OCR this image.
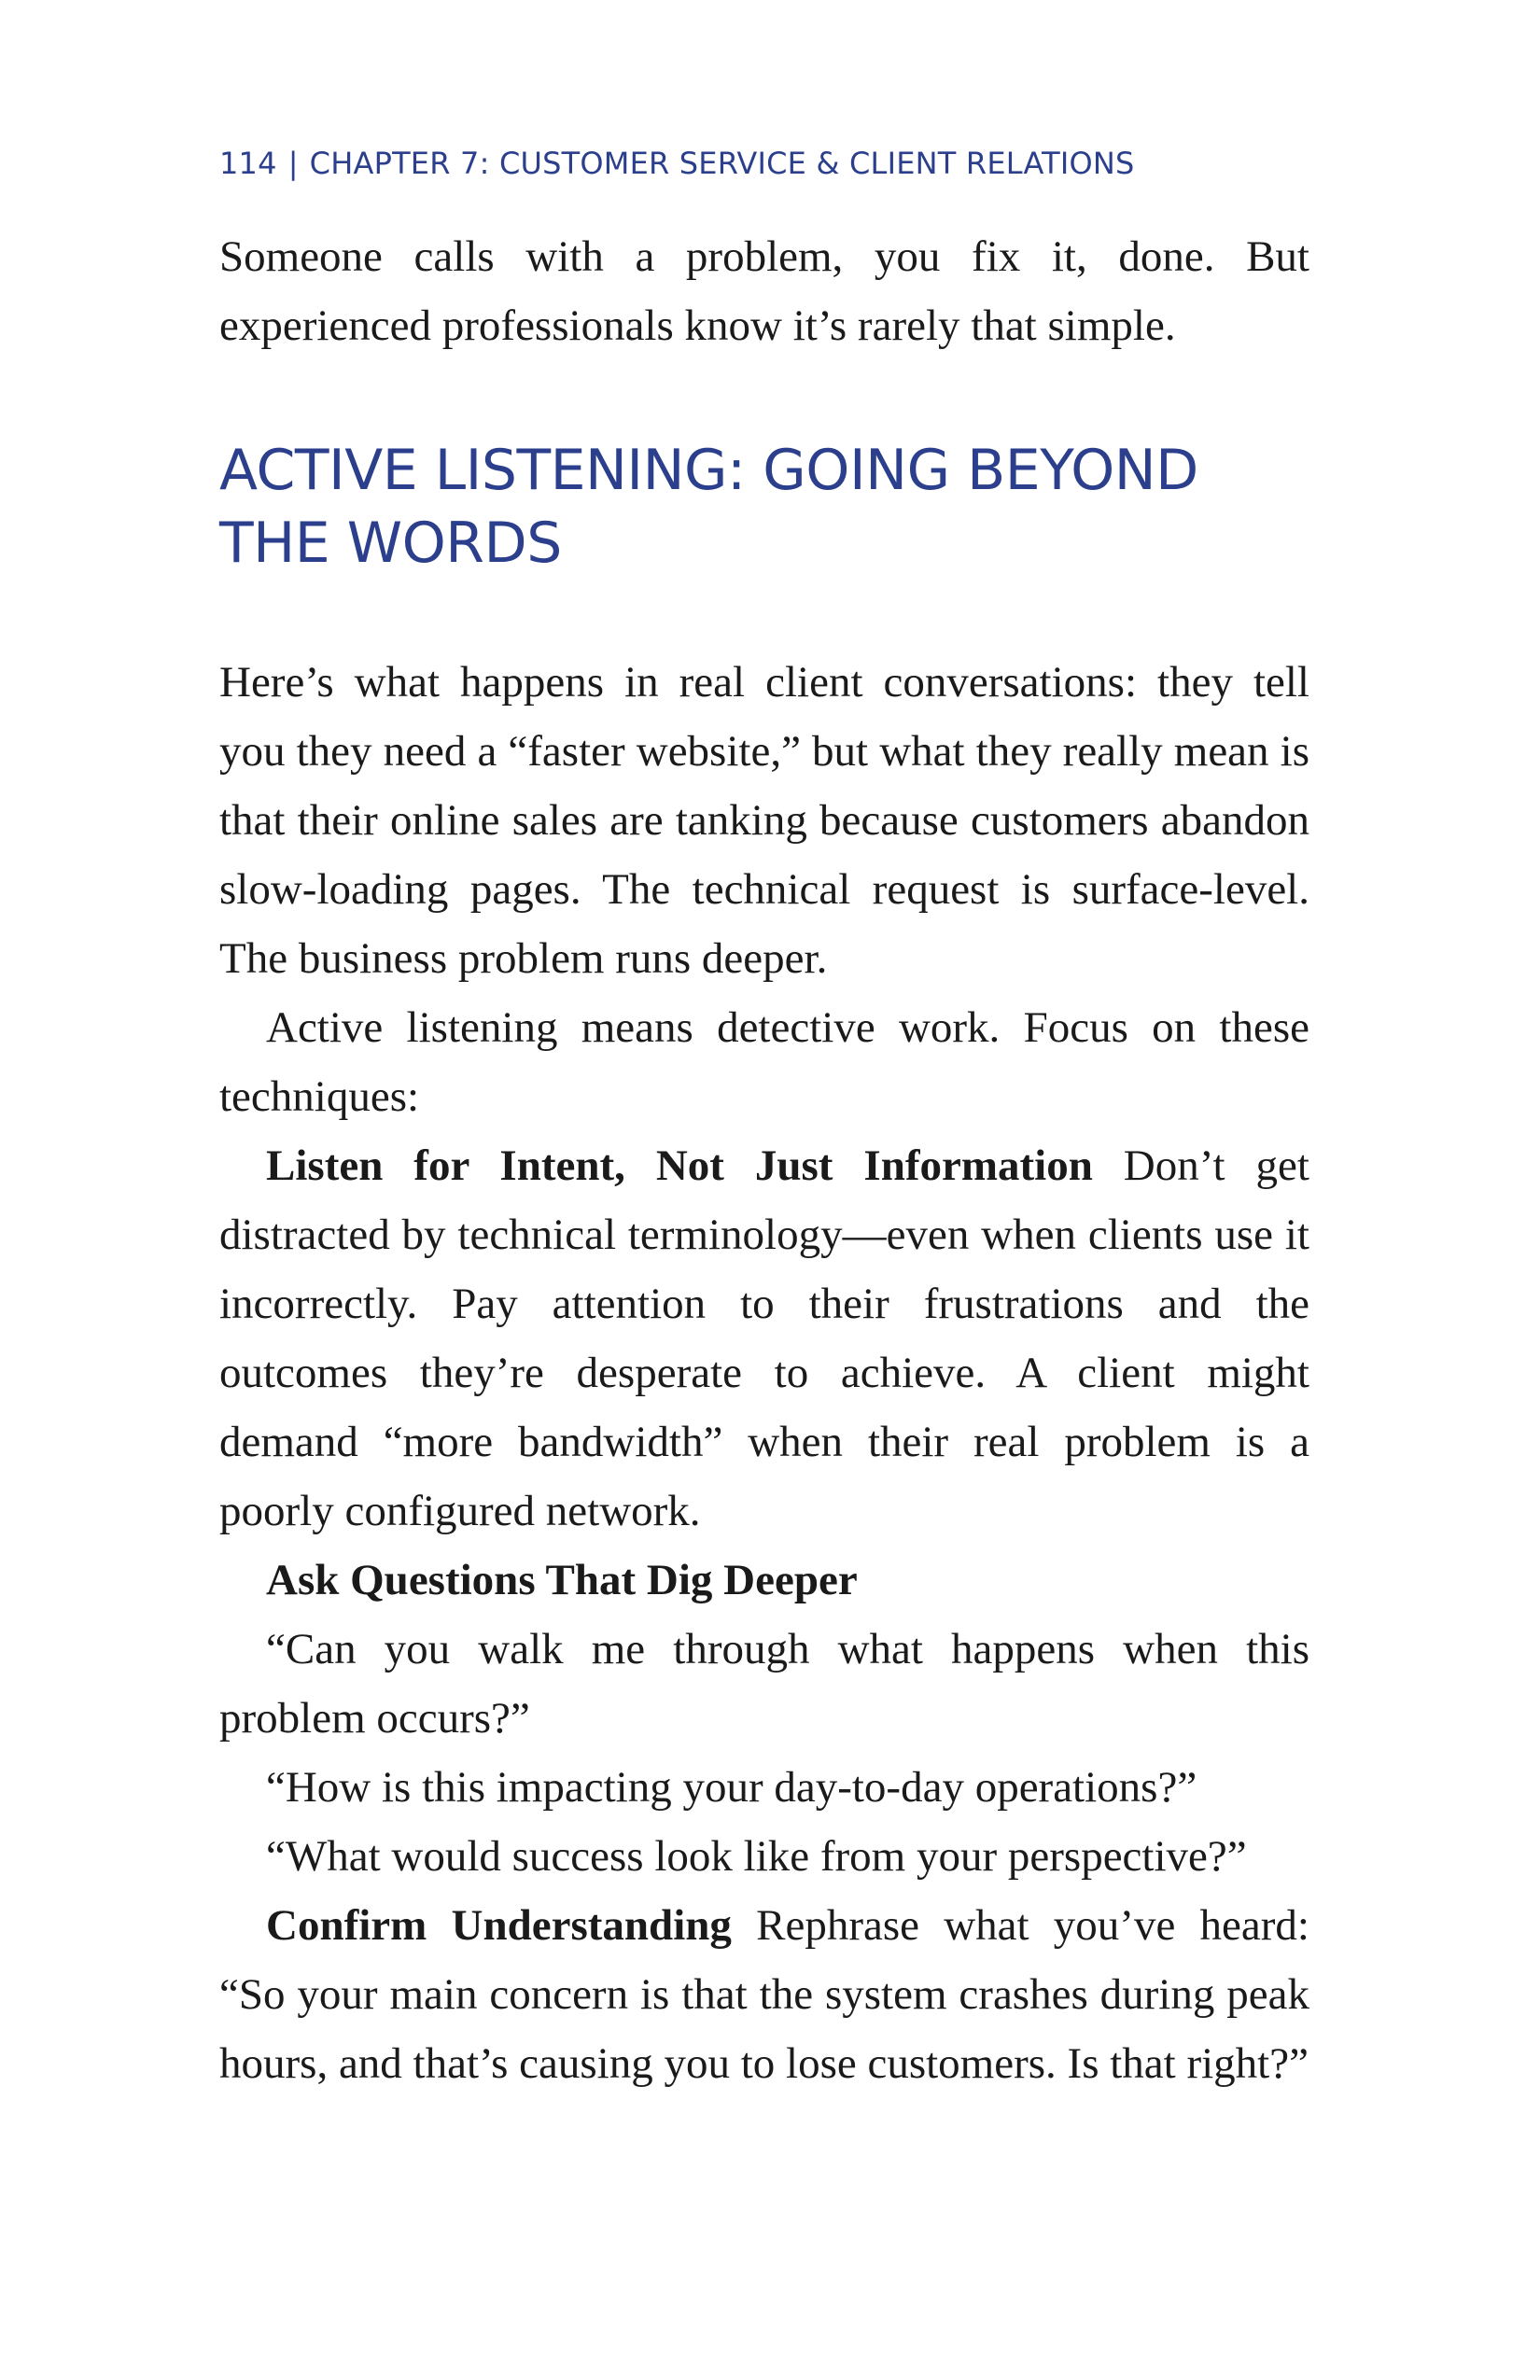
114 | CHAPTER 7: CUSTOMER SERVICE & CLIENT RELATIONS

Someone calls with a problem, you fix it, done. But experienced professionals know it’s rarely that simple.

ACTIVE LISTENING: GOING BEYOND THE WORDS

Here’s what happens in real client conversations: they tell you they need a “faster website,” but what they really mean is that their online sales are tanking because customers abandon slow-loading pages. The technical request is surface-level. The business problem runs deeper.

Active listening means detective work. Focus on these techniques:

Listen for Intent, Not Just Information Don’t get distracted by technical terminology—even when clients use it incorrectly. Pay attention to their frustrations and the outcomes they’re desperate to achieve. A client might demand “more bandwidth” when their real problem is a poorly configured network.

Ask Questions That Dig Deeper

“Can you walk me through what happens when this problem occurs?”

“How is this impacting your day-to-day operations?”

“What would success look like from your perspective?”

Confirm Understanding Rephrase what you’ve heard: “So your main concern is that the system crashes during peak hours, and that’s causing you to lose customers. Is that right?”
